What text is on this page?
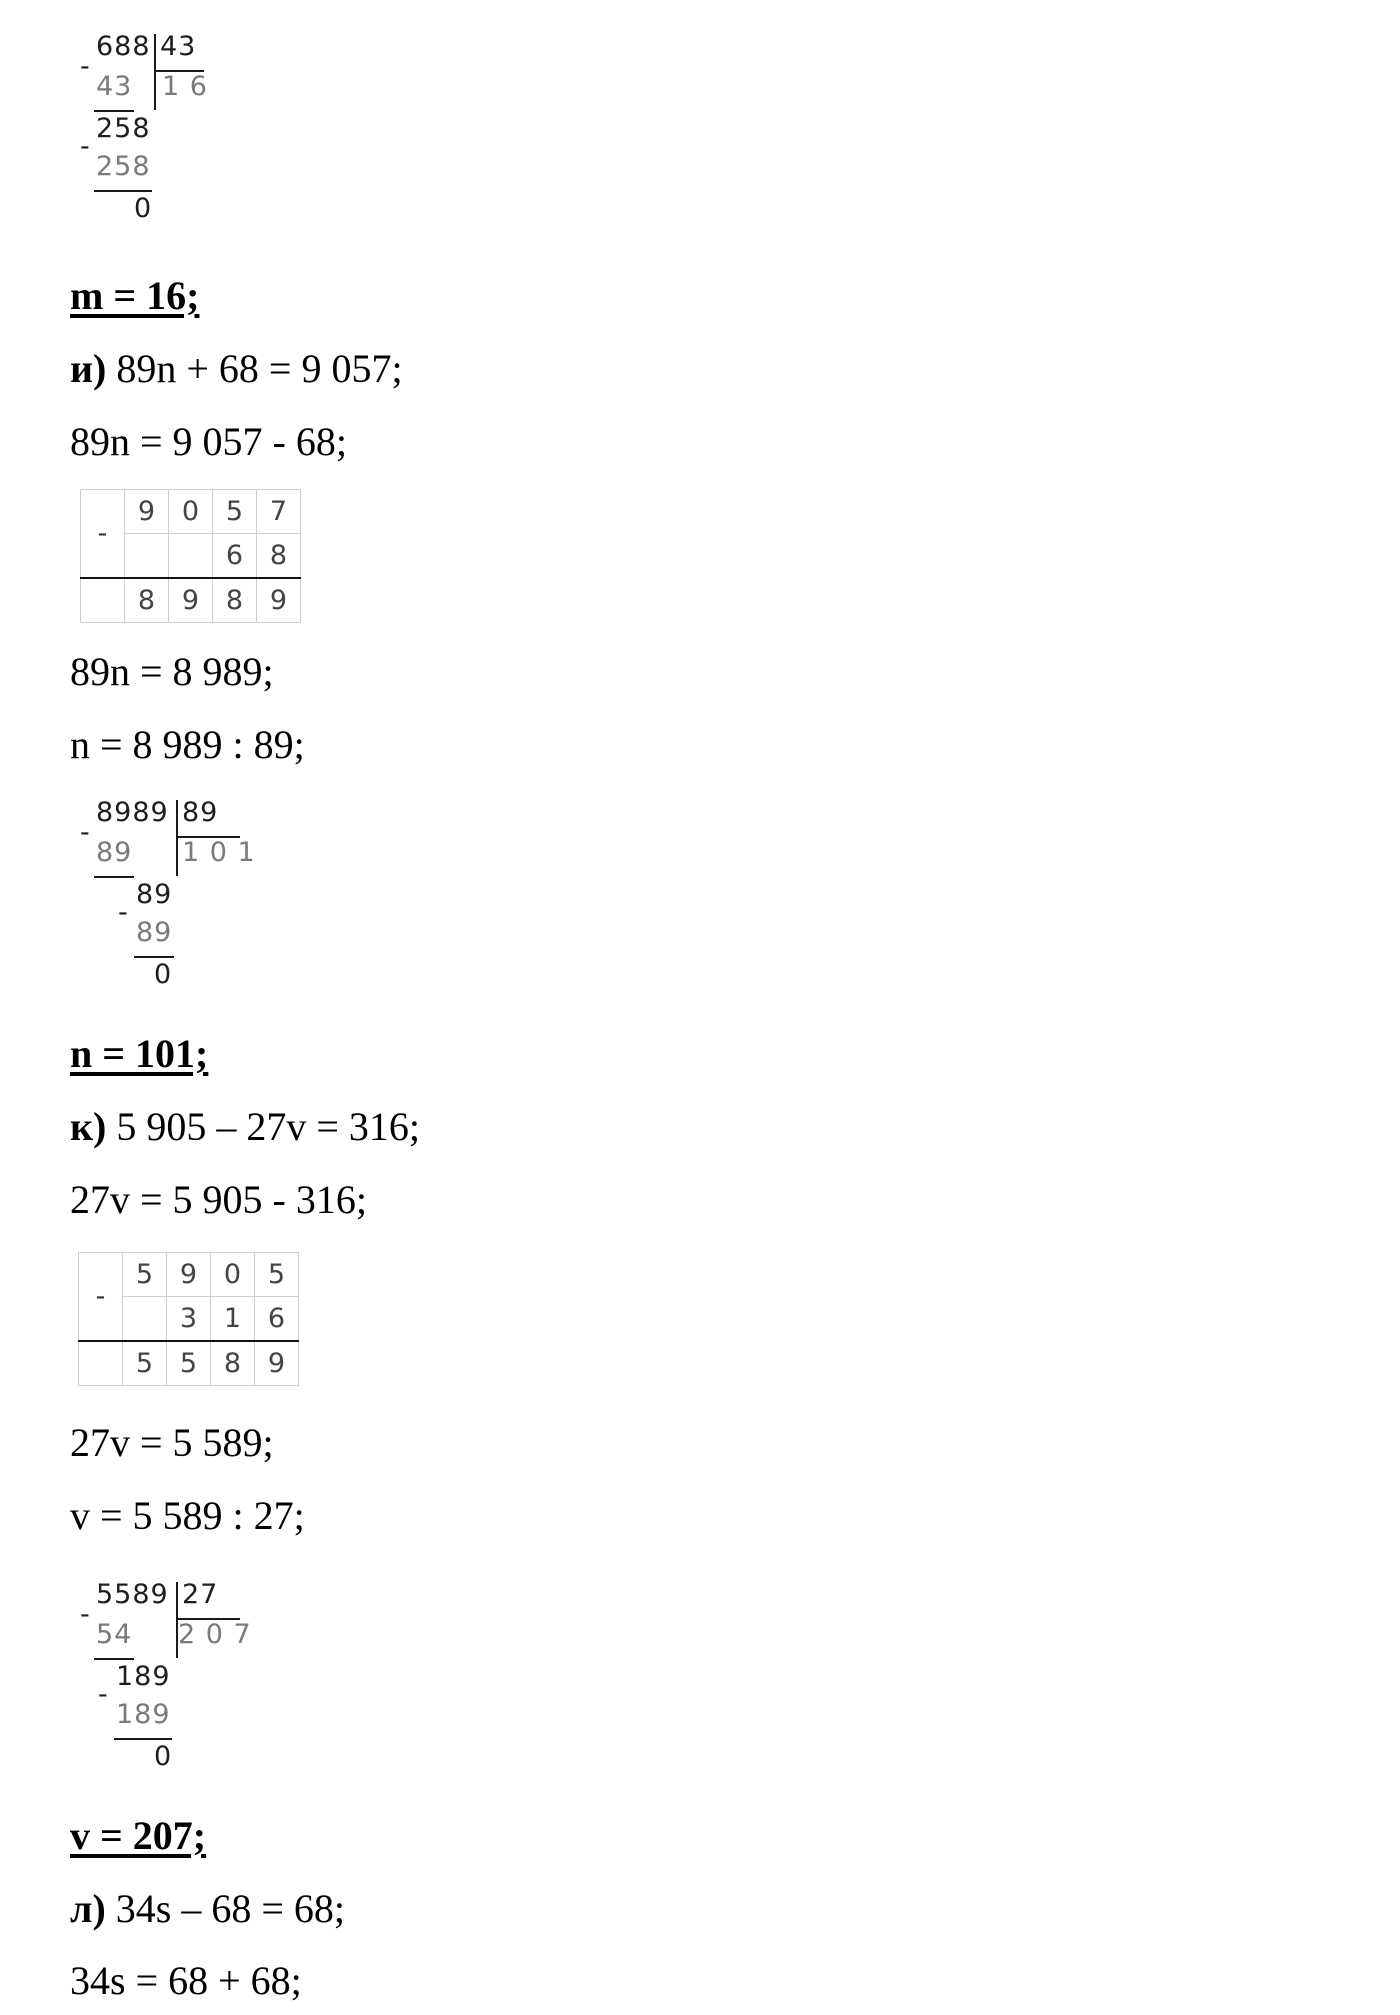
688 43
-
43 1 6
258
-
258
0
m = 16;
и) 89n + 68 = 9 057;
89n = 9 057 - 68;
-	9	0	5	7
			6	8
	8	9	8	9
89n = 8 989;
n = 8 989 : 89;
8989 89
-
89 1 0 1
89
-
89
0
n = 101;
к) 5 905 – 27v = 316;
27v = 5 905 - 316;
-	5	9	0	5
		3	1	6
	5	5	8	9
27v = 5 589;
v = 5 589 : 27;
5589 27
-
54 2 0 7
189
-
189
0
v = 207;
л) 34s – 68 = 68;
34s = 68 + 68;
